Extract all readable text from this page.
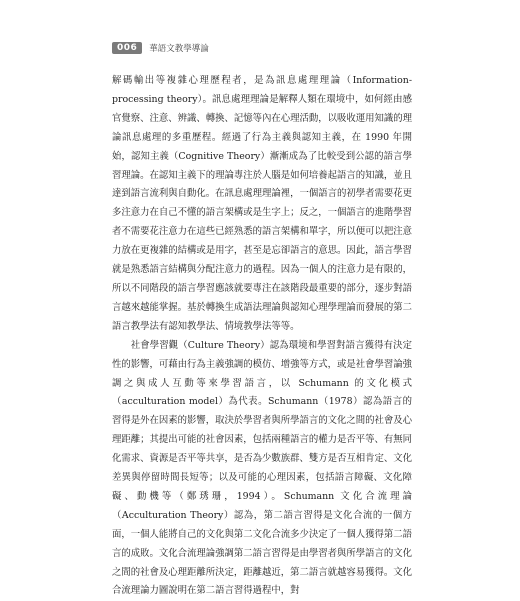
006	華語文教學導論

解碼輸出等複雜心理歷程者，是為訊息處理理論（Information-processing theory）。訊息處理理論是解釋人類在環境中，如何經由感官覺察、注意、辨識、轉換、記憶等內在心理活動，以吸收運用知識的理論訊息處理的多重歷程。經過了行為主義與認知主義，在 1990 年開始，認知主義（Cognitive Theory）漸漸成為了比較受到公認的語言學習理論。在認知主義下的理論專注於人腦是如何培養起語言的知識，並且達到語言流利與自動化。在訊息處理理論裡，一個語言的初學者需要花更多注意力在自己不懂的語言架構或是生字上；反之，一個語言的進階學習者不需要花注意力在這些已經熟悉的語言架構和單字，所以便可以把注意力放在更複雜的結構或是用字，甚至是忘卻語言的意思。因此，語言學習就是熟悉語言結構與分配注意力的過程。因為一個人的注意力是有限的，所以不同階段的語言學習應該就要專注在該階段最重要的部分，逐步對語言越來越能掌握。基於轉換生成語法理論與認知心理學理論而發展的第二語言教學法有認知教學法、情境教學法等等。

社會學習觀（Culture Theory）認為環境和學習對語言獲得有決定性的影響，可藉由行為主義強調的模仿、增強等方式，或是社會學習論強調之與成人互動等來學習語言，以 Schumann 的文化模式（acculturation model）為代表。Schumann（1978）認為語言的習得是外在因素的影響，取決於學習者與所學語言的文化之間的社會及心理距離；其提出可能的社會因素，包括兩種語言的權力是否平等、有無同化需求、資源是否平等共享，是否為少數族群、雙方是否互相肯定、文化差異與停留時間長短等；以及可能的心理因素，包括語言障礙、文化障礙、動機等（鄭琇珊，1994）。Schumann 文化合流理論（Acculturation Theory）認為，第二語言習得是文化合流的一個方面，一個人能將自己的文化與第二文化合流多少決定了一個人獲得第二語言的成敗。文化合流理論強調第二語言習得是由學習者與所學語言的文化之間的社會及心理距離所決定，距離越近，第二語言就越容易獲得。文化合流理論力圖說明在第二語言習得過程中，對
